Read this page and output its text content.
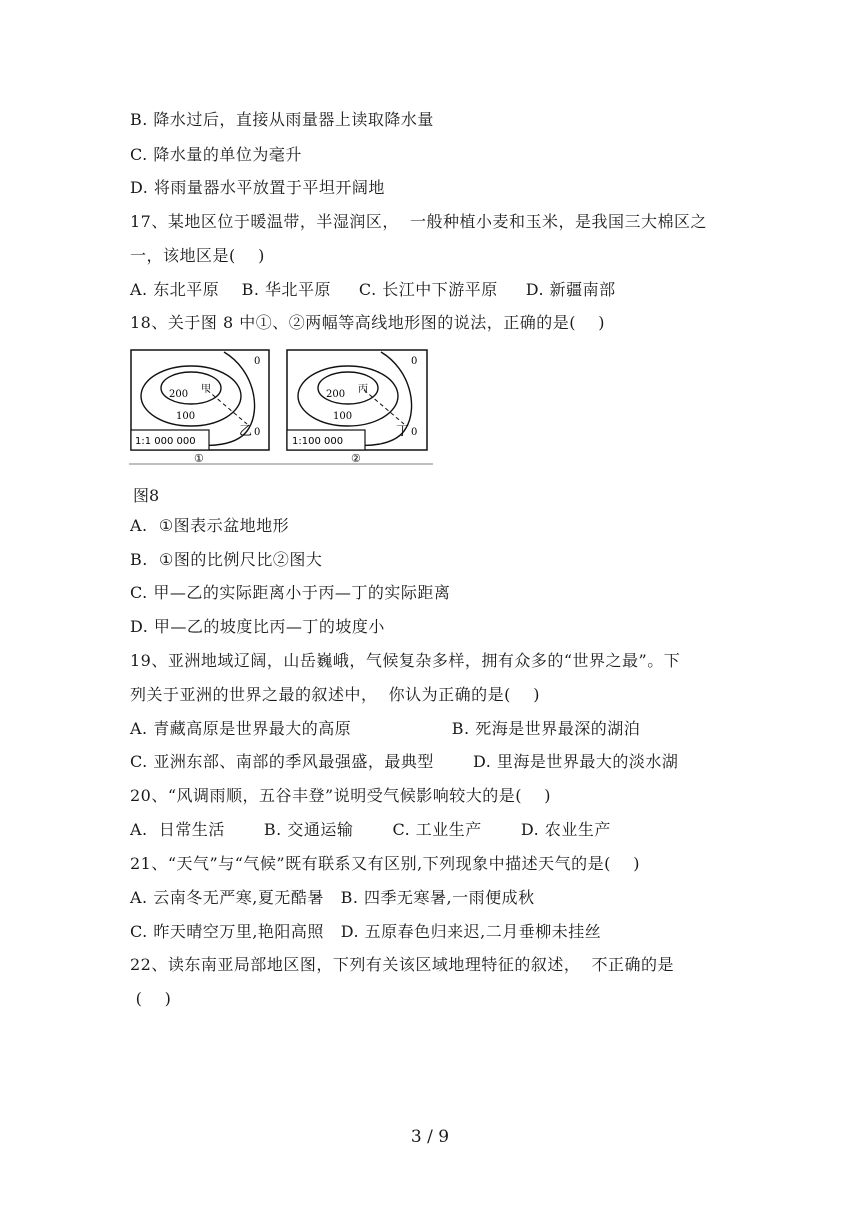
B. 降水过后，直接从雨量器上读取降水量
C. 降水量的单位为毫升
D. 将雨量器水平放置于平坦开阔地
17、某地区位于暖温带，半湿润区，  一般种植小麦和玉米，是我国三大棉区之
一，该地区是(    )
A. 东北平原    B. 华北平原     C. 长江中下游平原     D. 新疆南部
18、关于图 8 中①、②两幅等高线地形图的说法，正确的是(    )
200
100
0
0
甲
乙
1:1 000 000
200
100
0
0
丙
丁
1:100 000
①	②
图8
A.  ①图表示盆地地形
B.  ①图的比例尺比②图大
C. 甲—乙的实际距离小于丙—丁的实际距离
D. 甲—乙的坡度比丙—丁的坡度小
19、亚洲地域辽阔，山岳巍峨，气候复杂多样，拥有众多的“世界之最”。下
列关于亚洲的世界之最的叙述中，  你认为正确的是(    )
A. 青藏高原是世界最大的高原                  B. 死海是世界最深的湖泊
C. 亚洲东部、南部的季风最强盛，最典型       D. 里海是世界最大的淡水湖
20、“风调雨顺，五谷丰登”说明受气候影响较大的是(    )
A.  日常生活       B. 交通运输       C. 工业生产       D. 农业生产
21、“天气”与“气候”既有联系又有区别,下列现象中描述天气的是(    )
A. 云南冬无严寒,夏无酷暑   B. 四季无寒暑,一雨便成秋
C. 昨天晴空万里,艳阳高照   D. 五原春色归来迟,二月垂柳未挂丝
22、读东南亚局部地区图，下列有关该区域地理特征的叙述，  不正确的是
(    )
3 / 9
